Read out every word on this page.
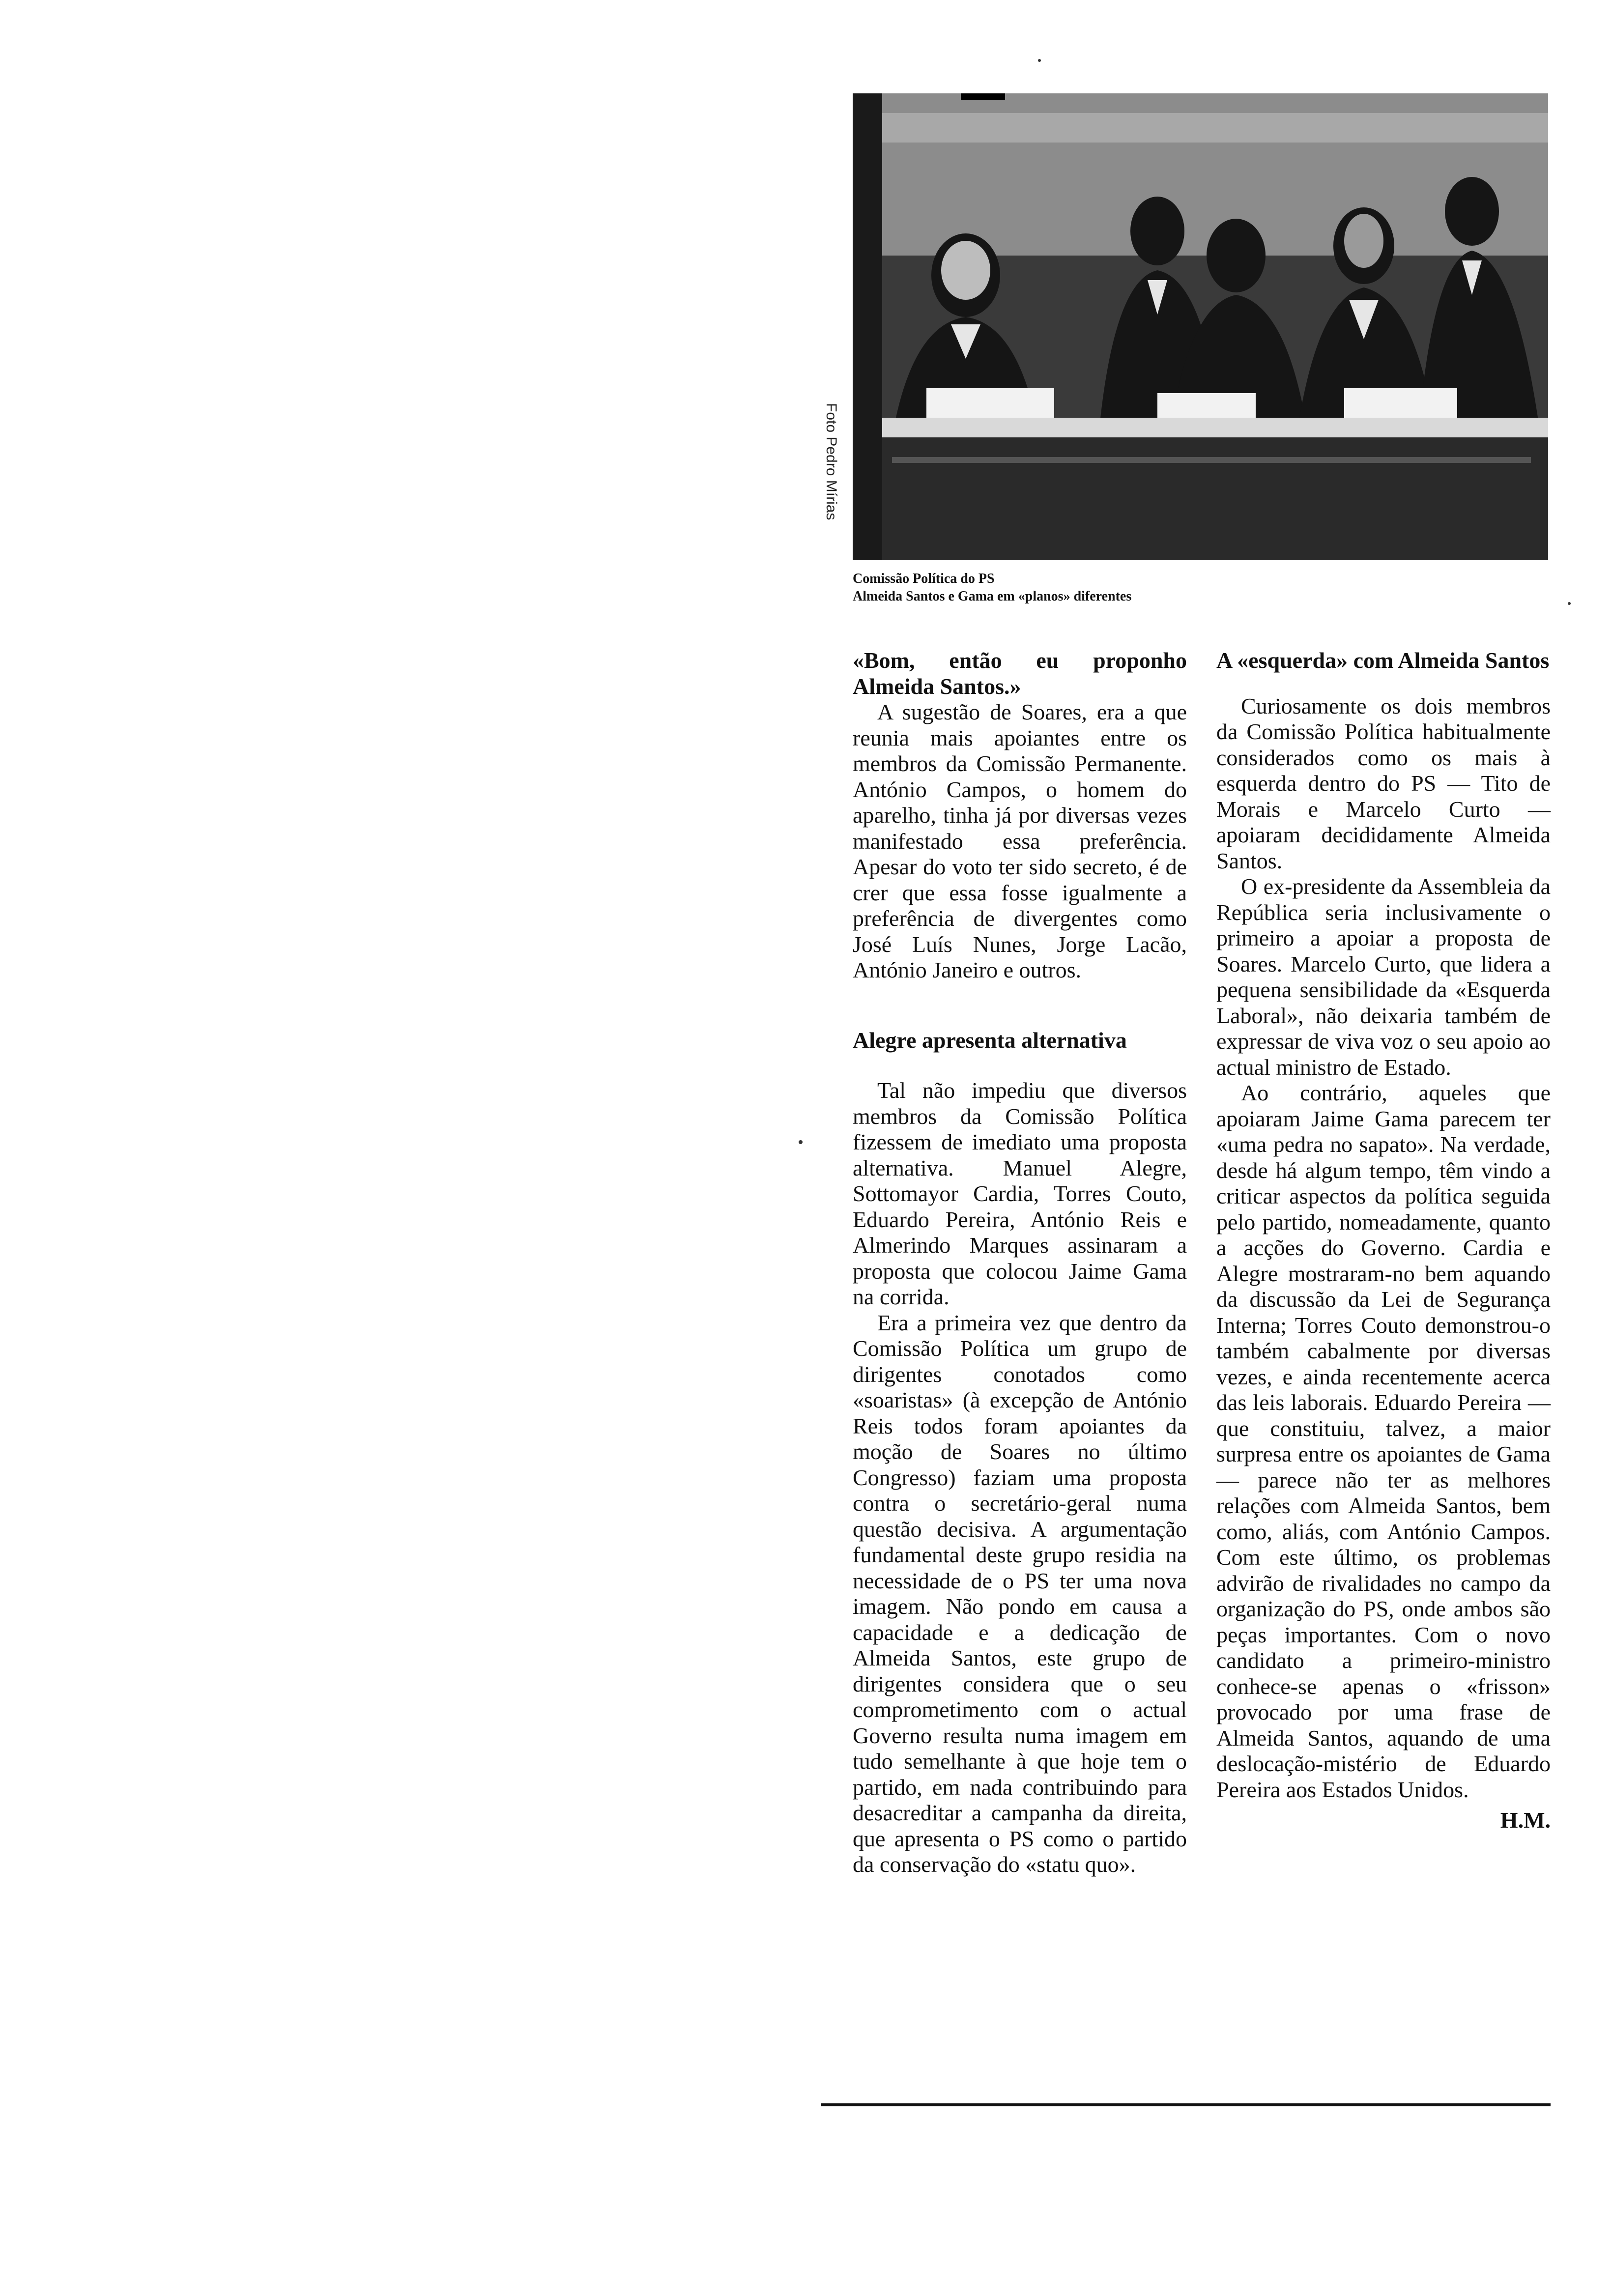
Foto Pedro Mírias
Comissão Política do PS
Almeida Santos e Gama em «planos» diferentes

«Bom, então eu proponho Almeida Santos.»

A sugestão de Soares, era a que reunia mais apoiantes entre os membros da Comissão Permanente. António Campos, o homem do aparelho, tinha já por diversas vezes manifestado essa preferência. Apesar do voto ter sido secreto, é de crer que essa fosse igualmente a preferência de divergentes como José Luís Nunes, Jorge Lacão, António Janeiro e outros.

Alegre apresenta alternativa

Tal não impediu que diversos membros da Comissão Política fizessem de imediato uma proposta alternativa. Manuel Alegre, Sottomayor Cardia, Torres Couto, Eduardo Pereira, António Reis e Almerindo Marques assinaram a proposta que colocou Jaime Gama na corrida.

Era a primeira vez que dentro da Comissão Política um grupo de dirigentes conotados como «soaristas» (à excepção de António Reis todos foram apoiantes da moção de Soares no último Congresso) faziam uma proposta contra o secretário-geral numa questão decisiva. A argumentação fundamental deste grupo residia na necessidade de o PS ter uma nova imagem. Não pondo em causa a capacidade e a dedicação de Almeida Santos, este grupo de dirigentes considera que o seu comprometimento com o actual Governo resulta numa imagem em tudo semelhante à que hoje tem o partido, em nada contribuindo para desacreditar a campanha da direita, que apresenta o PS como o partido da conservação do «statu quo».

A «esquerda» com Almeida Santos

Curiosamente os dois membros da Comissão Política habitualmente considerados como os mais à esquerda dentro do PS — Tito de Morais e Marcelo Curto — apoiaram decididamente Almeida Santos.

O ex-presidente da Assembleia da República seria inclusivamente o primeiro a apoiar a proposta de Soares. Marcelo Curto, que lidera a pequena sensibilidade da «Esquerda Laboral», não deixaria também de expressar de viva voz o seu apoio ao actual ministro de Estado.

Ao contrário, aqueles que apoiaram Jaime Gama parecem ter «uma pedra no sapato». Na verdade, desde há algum tempo, têm vindo a criticar aspectos da política seguida pelo partido, nomeadamente, quanto a acções do Governo. Cardia e Alegre mostraram-no bem aquando da discussão da Lei de Segurança Interna; Torres Couto demonstrou-o também cabalmente por diversas vezes, e ainda recentemente acerca das leis laborais. Eduardo Pereira — que constituiu, talvez, a maior surpresa entre os apoiantes de Gama — parece não ter as melhores relações com Almeida Santos, bem como, aliás, com António Campos. Com este último, os problemas advirão de rivalidades no campo da organização do PS, onde ambos são peças importantes. Com o novo candidato a primeiro-ministro conhece-se apenas o «frisson» provocado por uma frase de Almeida Santos, aquando de uma deslocação-mistério de Eduardo Pereira aos Estados Unidos.

H.M.
